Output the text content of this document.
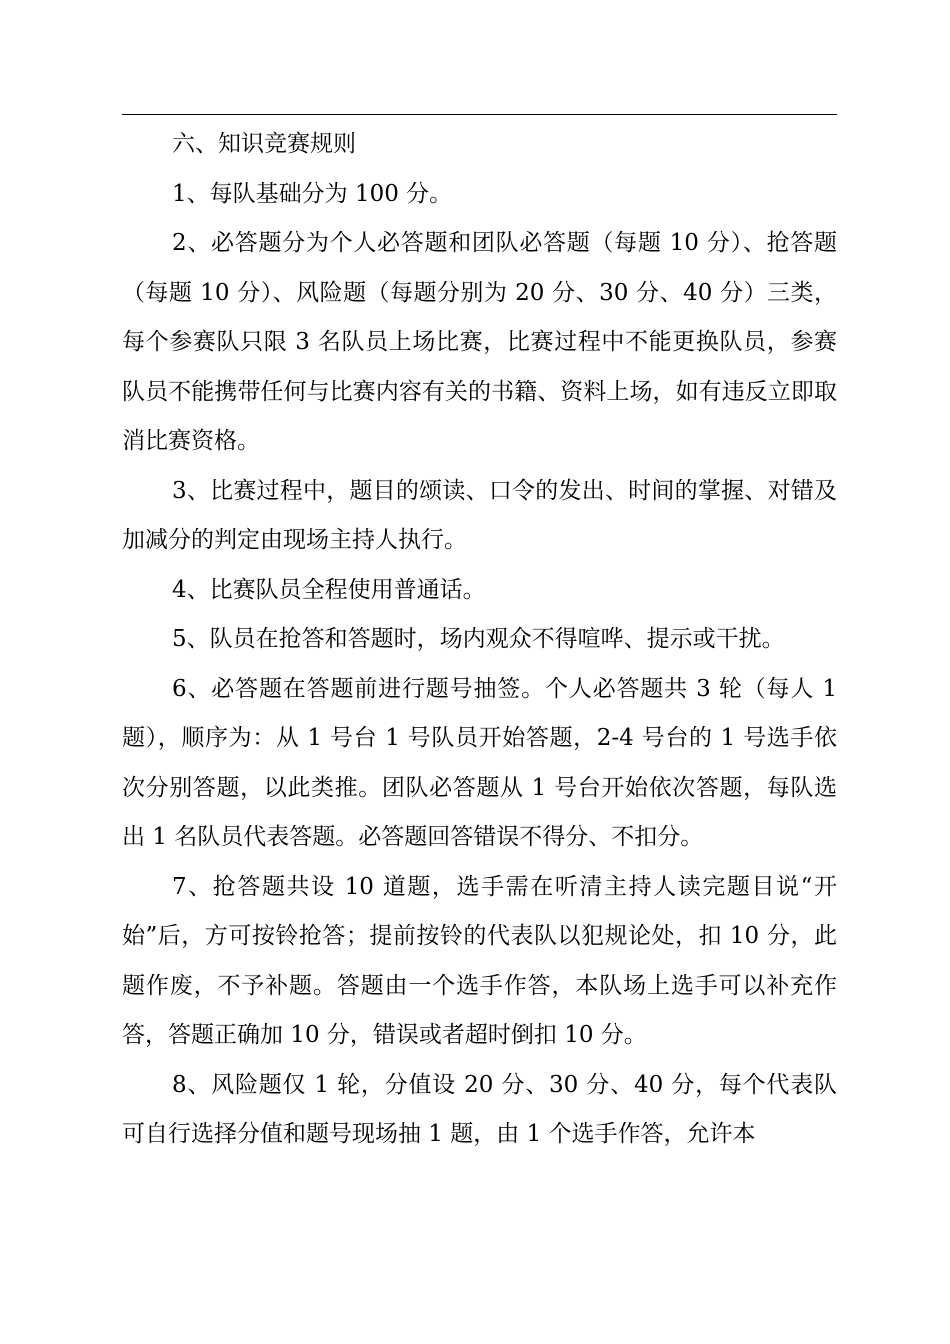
六、知识竞赛规则

1、每队基础分为 100 分。

2、必答题分为个人必答题和团队必答题（每题 10 分）、抢答题（每题 10 分）、风险题（每题分别为 20 分、30 分、40 分）三类，每个参赛队只限 3 名队员上场比赛，比赛过程中不能更换队员，参赛队员不能携带任何与比赛内容有关的书籍、资料上场，如有违反立即取消比赛资格。

3、比赛过程中，题目的颂读、口令的发出、时间的掌握、对错及加减分的判定由现场主持人执行。

4、比赛队员全程使用普通话。

5、队员在抢答和答题时，场内观众不得喧哗、提示或干扰。

6、必答题在答题前进行题号抽签。个人必答题共 3 轮（每人 1 题），顺序为：从 1 号台 1 号队员开始答题，2-4 号台的 1 号选手依次分别答题，以此类推。团队必答题从 1 号台开始依次答题，每队选出 1 名队员代表答题。必答题回答错误不得分、不扣分。

7、抢答题共设 10 道题，选手需在听清主持人读完题目说“开始”后，方可按铃抢答；提前按铃的代表队以犯规论处，扣 10 分，此题作废，不予补题。答题由一个选手作答，本队场上选手可以补充作答，答题正确加 10 分，错误或者超时倒扣 10 分。

8、风险题仅 1 轮，分值设 20 分、30 分、40 分，每个代表队可自行选择分值和题号现场抽 1 题，由 1 个选手作答，允许本
